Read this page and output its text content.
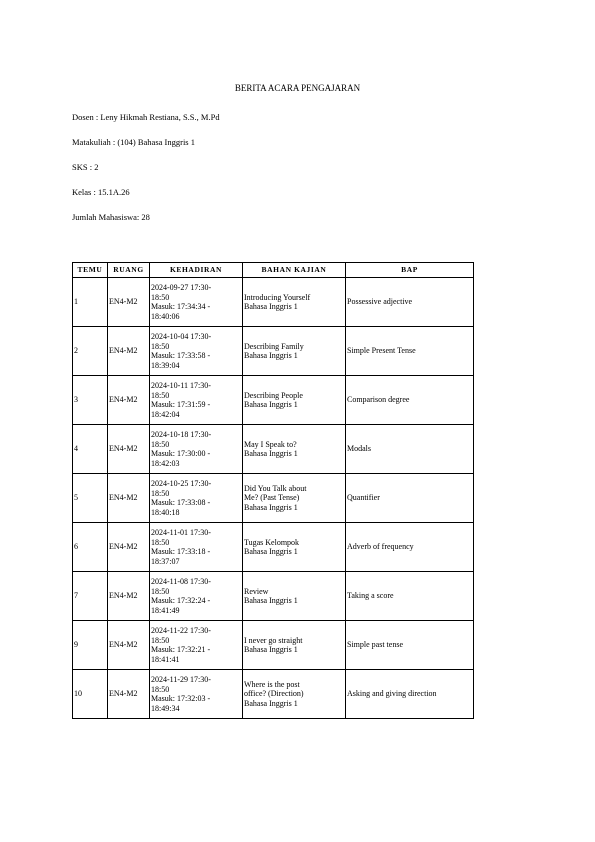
BERITA ACARA PENGAJARAN
Dosen : Leny Hikmah Restiana, S.S., M.Pd
Matakuliah : (104) Bahasa Inggris 1
SKS : 2
Kelas : 15.1A.26
Jumlah Mahasiswa: 28
TEMU	RUANG	KEHADIRAN	BAHAN KAJIAN	BAP
1	EN4-M2	2024-09-27 17:30-
18:50
Masuk: 17:34:34 -
18:40:06	Introducing Yourself
Bahasa Inggris 1	Possessive adjective
2	EN4-M2	2024-10-04 17:30-
18:50
Masuk: 17:33:58 -
18:39:04	Describing Family
Bahasa Inggris 1	Simple Present Tense
3	EN4-M2	2024-10-11 17:30-
18:50
Masuk: 17:31:59 -
18:42:04	Describing People
Bahasa Inggris 1	Comparison degree
4	EN4-M2	2024-10-18 17:30-
18:50
Masuk: 17:30:00 -
18:42:03	May I Speak to?
Bahasa Inggris 1	Modals
5	EN4-M2	2024-10-25 17:30-
18:50
Masuk: 17:33:08 -
18:40:18	Did You Talk about
Me? (Past Tense)
Bahasa Inggris 1	Quantifier
6	EN4-M2	2024-11-01 17:30-
18:50
Masuk: 17:33:18 -
18:37:07	Tugas Kelompok
Bahasa Inggris 1	Adverb of frequency
7	EN4-M2	2024-11-08 17:30-
18:50
Masuk: 17:32:24 -
18:41:49	Review
Bahasa Inggris 1	Taking a score
9	EN4-M2	2024-11-22 17:30-
18:50
Masuk: 17:32:21 -
18:41:41	I never go straight
Bahasa Inggris 1	Simple past tense
10	EN4-M2	2024-11-29 17:30-
18:50
Masuk: 17:32:03 -
18:49:34	Where is the post
office? (Direction)
Bahasa Inggris 1	Asking and giving direction
